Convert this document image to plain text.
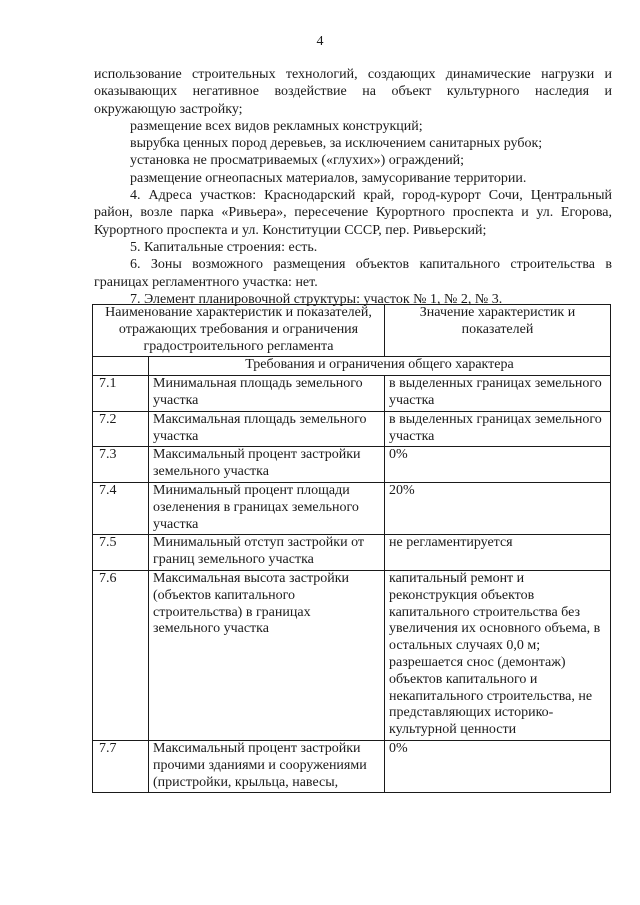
4

использование строительных технологий, создающих динамические нагрузки и оказывающих негативное воздействие на объект культурного наследия и окружающую застройку;

размещение всех видов рекламных конструкций;

вырубка ценных пород деревьев, за исключением санитарных рубок;

установка не просматриваемых («глухих») ограждений;

размещение огнеопасных материалов, замусоривание территории.

4. Адреса участков: Краснодарский край, город-курорт Сочи, Центральный район, возле парка «Ривьера», пересечение Курортного проспекта и ул. Егорова, Курортного проспекта и ул. Конституции СССР, пер. Ривьерский;

5. Капитальные строения: есть.

6. Зоны возможного размещения объектов капитального строительства в границах регламентного участка: нет.

7. Элемент планировочной структуры: участок № 1, № 2, № 3.

Наименование характеристик и показателей, отражающих требования и ограничения градостроительного регламента		Значение характеристик и показателей
	Требования и ограничения общего характера	
7.1	Минимальная площадь земельного участка	в выделенных границах земельного участка
7.2	Максимальная площадь земельного участка	в выделенных границах земельного участка
7.3	Максимальный процент застройки земельного участка	0%
7.4	Минимальный процент площади озеленения в границах земельного участка	20%
7.5	Минимальный отступ застройки от границ земельного участка	не регламентируется
7.6	Максимальная высота застройки (объектов капитального строительства) в границах земельного участка	капитальный ремонт и реконструкция объектов капитального строительства без увеличения их основного объема, в остальных случаях 0,0 м;
разрешается снос (демонтаж) объектов капитального и некапитального строительства, не представляющих историко-культурной ценности
7.7	Максимальный процент застройки прочими зданиями и сооружениями (пристройки, крыльца, навесы,	0%
